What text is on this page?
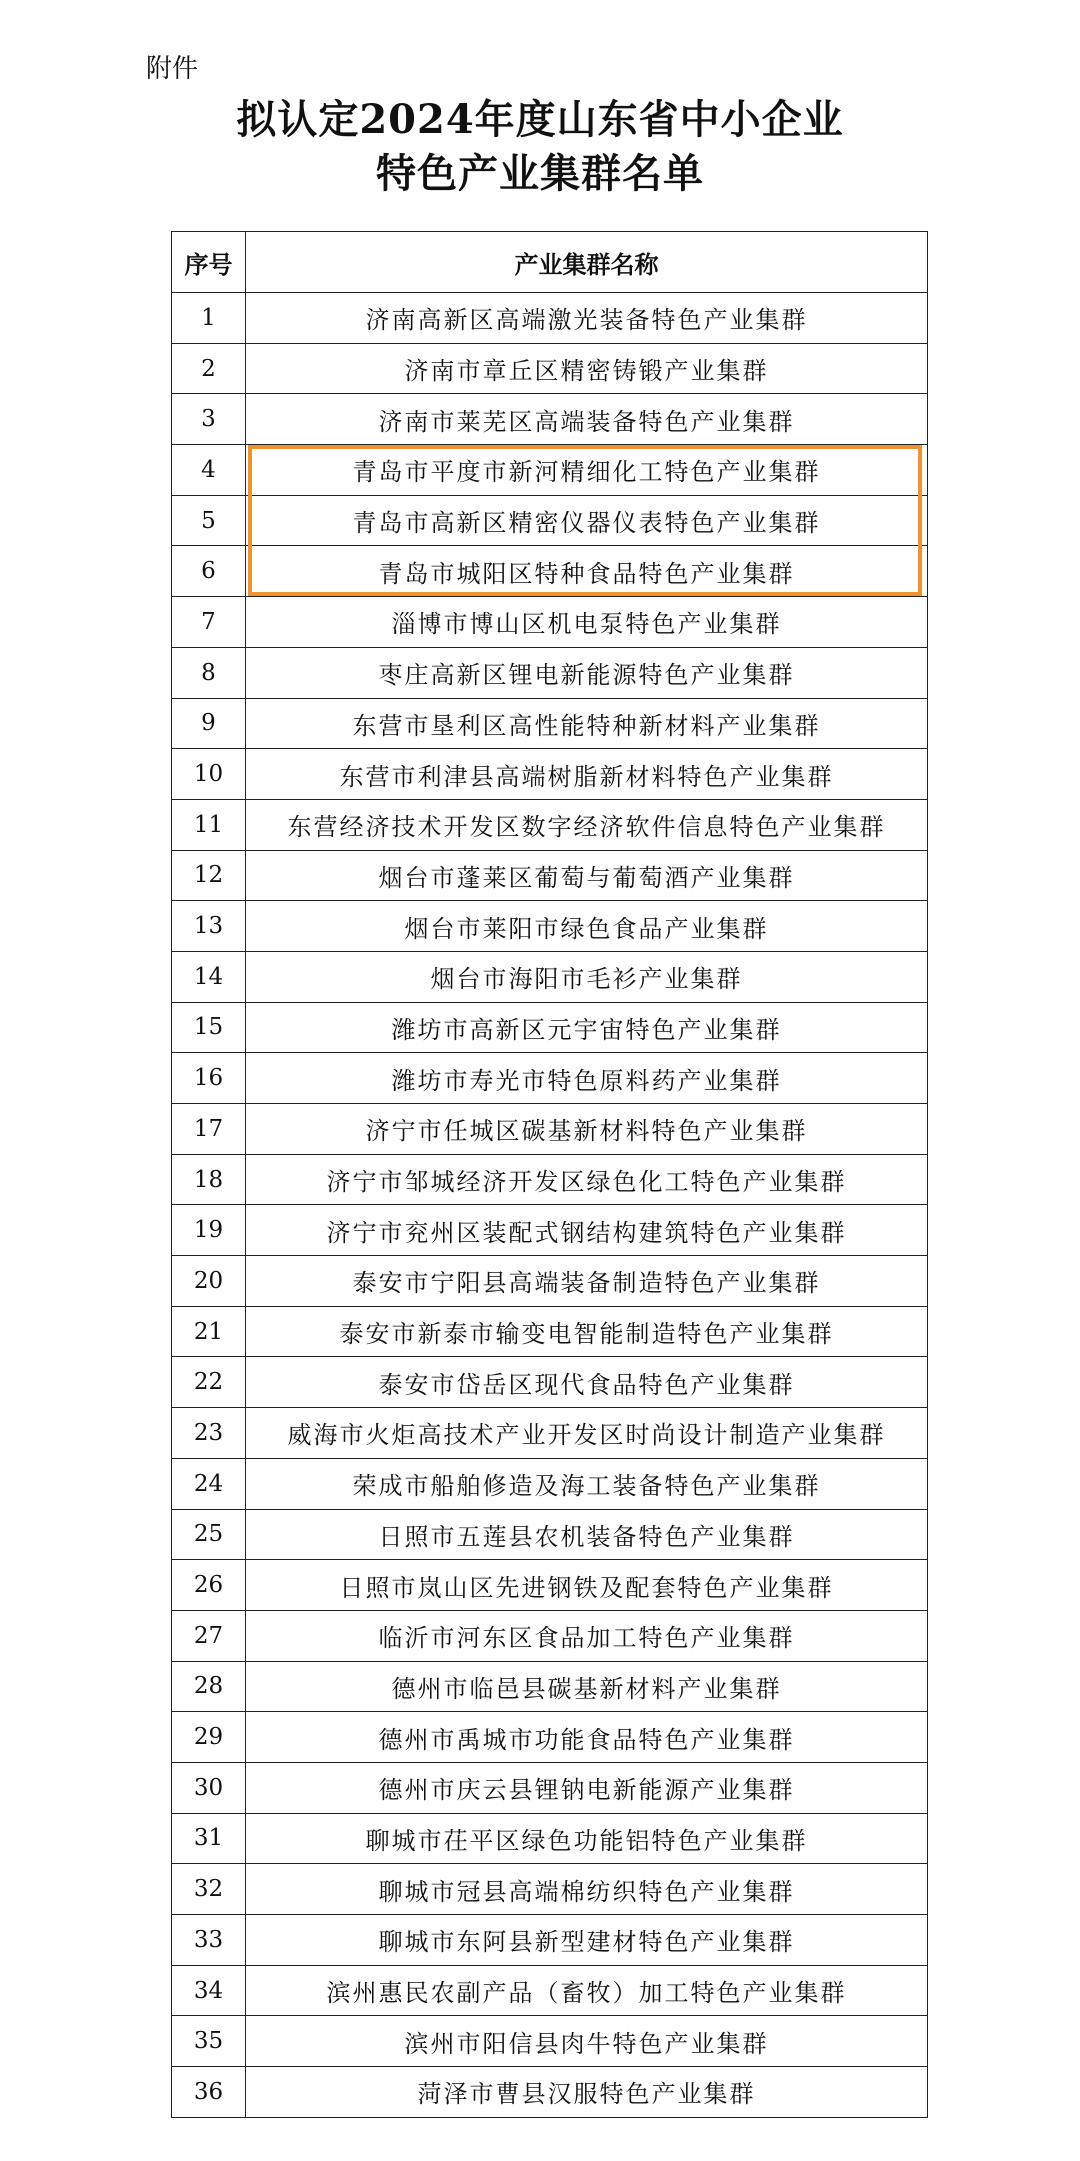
附件
拟认定2024年度山东省中小企业
特色产业集群名单
序号	产业集群名称
1	济南高新区高端激光装备特色产业集群
2	济南市章丘区精密铸锻产业集群
3	济南市莱芜区高端装备特色产业集群
4	青岛市平度市新河精细化工特色产业集群
5	青岛市高新区精密仪器仪表特色产业集群
6	青岛市城阳区特种食品特色产业集群
7	淄博市博山区机电泵特色产业集群
8	枣庄高新区锂电新能源特色产业集群
9	东营市垦利区高性能特种新材料产业集群
10	东营市利津县高端树脂新材料特色产业集群
11	东营经济技术开发区数字经济软件信息特色产业集群
12	烟台市蓬莱区葡萄与葡萄酒产业集群
13	烟台市莱阳市绿色食品产业集群
14	烟台市海阳市毛衫产业集群
15	潍坊市高新区元宇宙特色产业集群
16	潍坊市寿光市特色原料药产业集群
17	济宁市任城区碳基新材料特色产业集群
18	济宁市邹城经济开发区绿色化工特色产业集群
19	济宁市兖州区装配式钢结构建筑特色产业集群
20	泰安市宁阳县高端装备制造特色产业集群
21	泰安市新泰市输变电智能制造特色产业集群
22	泰安市岱岳区现代食品特色产业集群
23	威海市火炬高技术产业开发区时尚设计制造产业集群
24	荣成市船舶修造及海工装备特色产业集群
25	日照市五莲县农机装备特色产业集群
26	日照市岚山区先进钢铁及配套特色产业集群
27	临沂市河东区食品加工特色产业集群
28	德州市临邑县碳基新材料产业集群
29	德州市禹城市功能食品特色产业集群
30	德州市庆云县锂钠电新能源产业集群
31	聊城市茌平区绿色功能铝特色产业集群
32	聊城市冠县高端棉纺织特色产业集群
33	聊城市东阿县新型建材特色产业集群
34	滨州惠民农副产品（畜牧）加工特色产业集群
35	滨州市阳信县肉牛特色产业集群
36	菏泽市曹县汉服特色产业集群
